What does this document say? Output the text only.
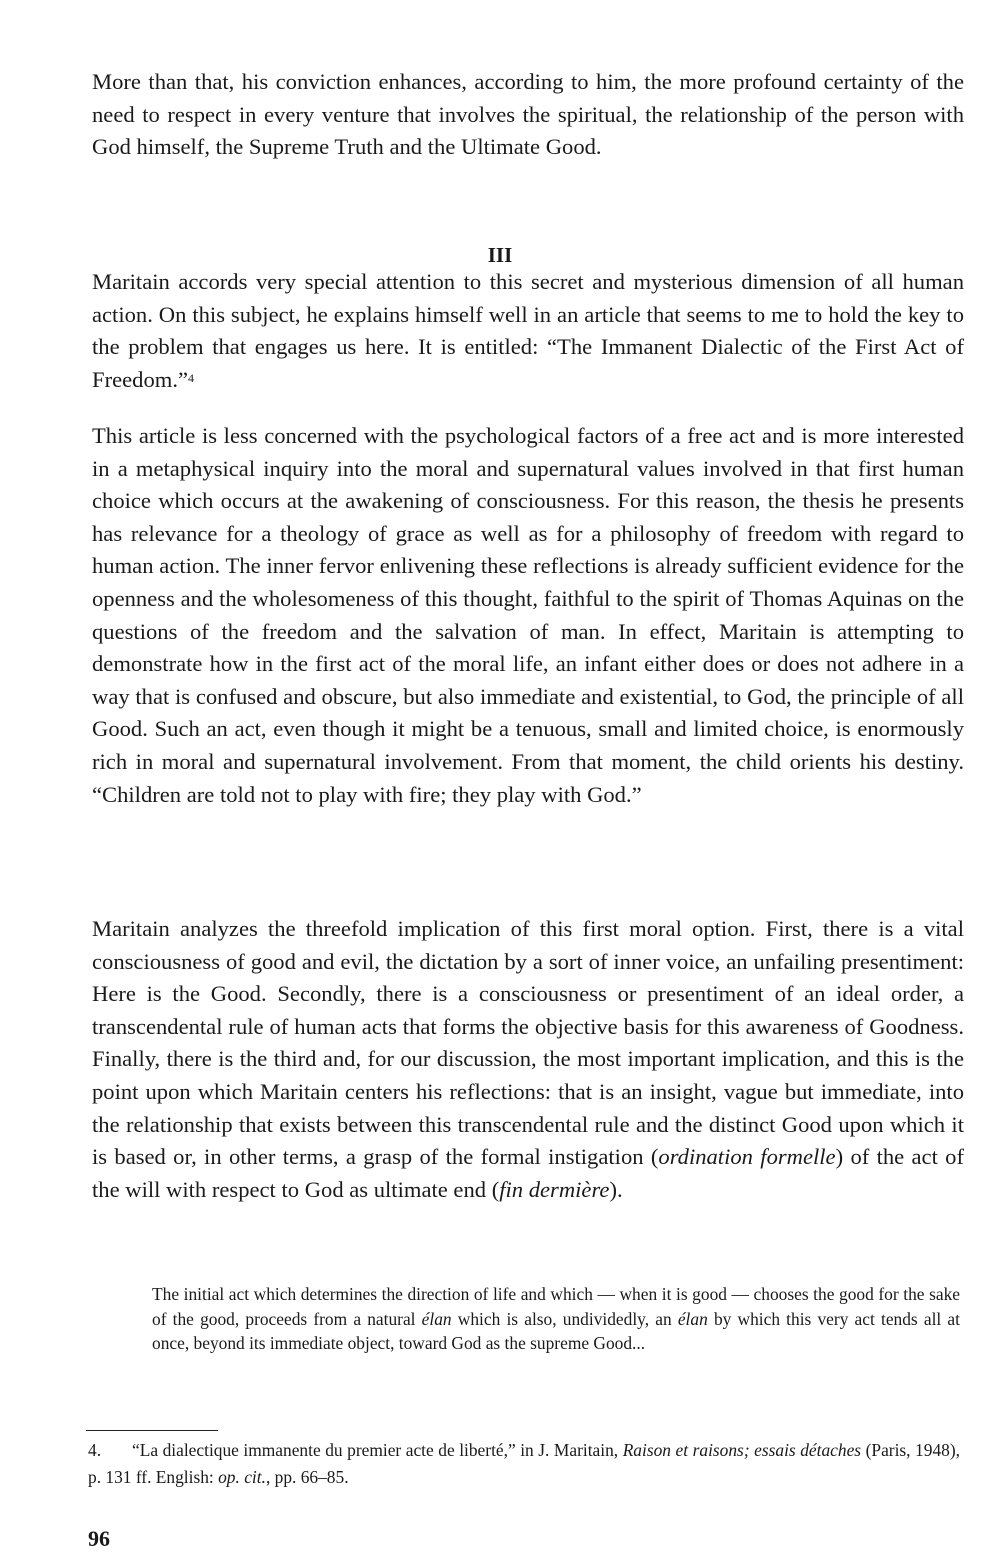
More than that, his conviction enhances, according to him, the more profound certainty of the need to respect in every venture that involves the spiritual, the relationship of the person with God himself, the Supreme Truth and the Ultimate Good.

III

Maritain accords very special attention to this secret and mysterious dimension of all human action. On this subject, he explains himself well in an article that seems to me to hold the key to the problem that engages us here. It is entitled: “The Immanent Dialectic of the First Act of Freedom.”$^4$

This article is less concerned with the psychological factors of a free act and is more interested in a metaphysical inquiry into the moral and supernatural values involved in that first human choice which occurs at the awakening of consciousness. For this reason, the thesis he presents has relevance for a theology of grace as well as for a philosophy of freedom with regard to human action. The inner fervor enlivening these reflections is already sufficient evidence for the openness and the wholesomeness of this thought, faithful to the spirit of Thomas Aquinas on the questions of the freedom and the salvation of man. In effect, Maritain is attempting to demonstrate how in the first act of the moral life, an infant either does or does not adhere in a way that is confused and obscure, but also immediate and existential, to God, the principle of all Good. Such an act, even though it might be a tenuous, small and limited choice, is enormously rich in moral and supernatural involvement. From that moment, the child orients his destiny. “Children are told not to play with fire; they play with God.”

Maritain analyzes the threefold implication of this first moral option. First, there is a vital consciousness of good and evil, the dictation by a sort of inner voice, an unfailing presentiment: Here is the Good. Secondly, there is a consciousness or presentiment of an ideal order, a transcendental rule of human acts that forms the objective basis for this awareness of Goodness. Finally, there is the third and, for our discussion, the most important implication, and this is the point upon which Maritain centers his reflections: that is an insight, vague but immediate, into the relationship that exists between this transcendental rule and the distinct Good upon which it is based or, in other terms, a grasp of the formal instigation (ordination formelle) of the act of the will with respect to God as ultimate end (fin dermière).

The initial act which determines the direction of life and which — when it is good — chooses the good for the sake of the good, proceeds from a natural élan which is also, undividedly, an élan by which this very act tends all at once, beyond its immediate object, toward God as the supreme Good...

4. “La dialectique immanente du premier acte de liberté,” in J. Maritain, Raison et raisons; essais détaches (Paris, 1948), p. 131 ff. English: op. cit., pp. 66–85.

96
